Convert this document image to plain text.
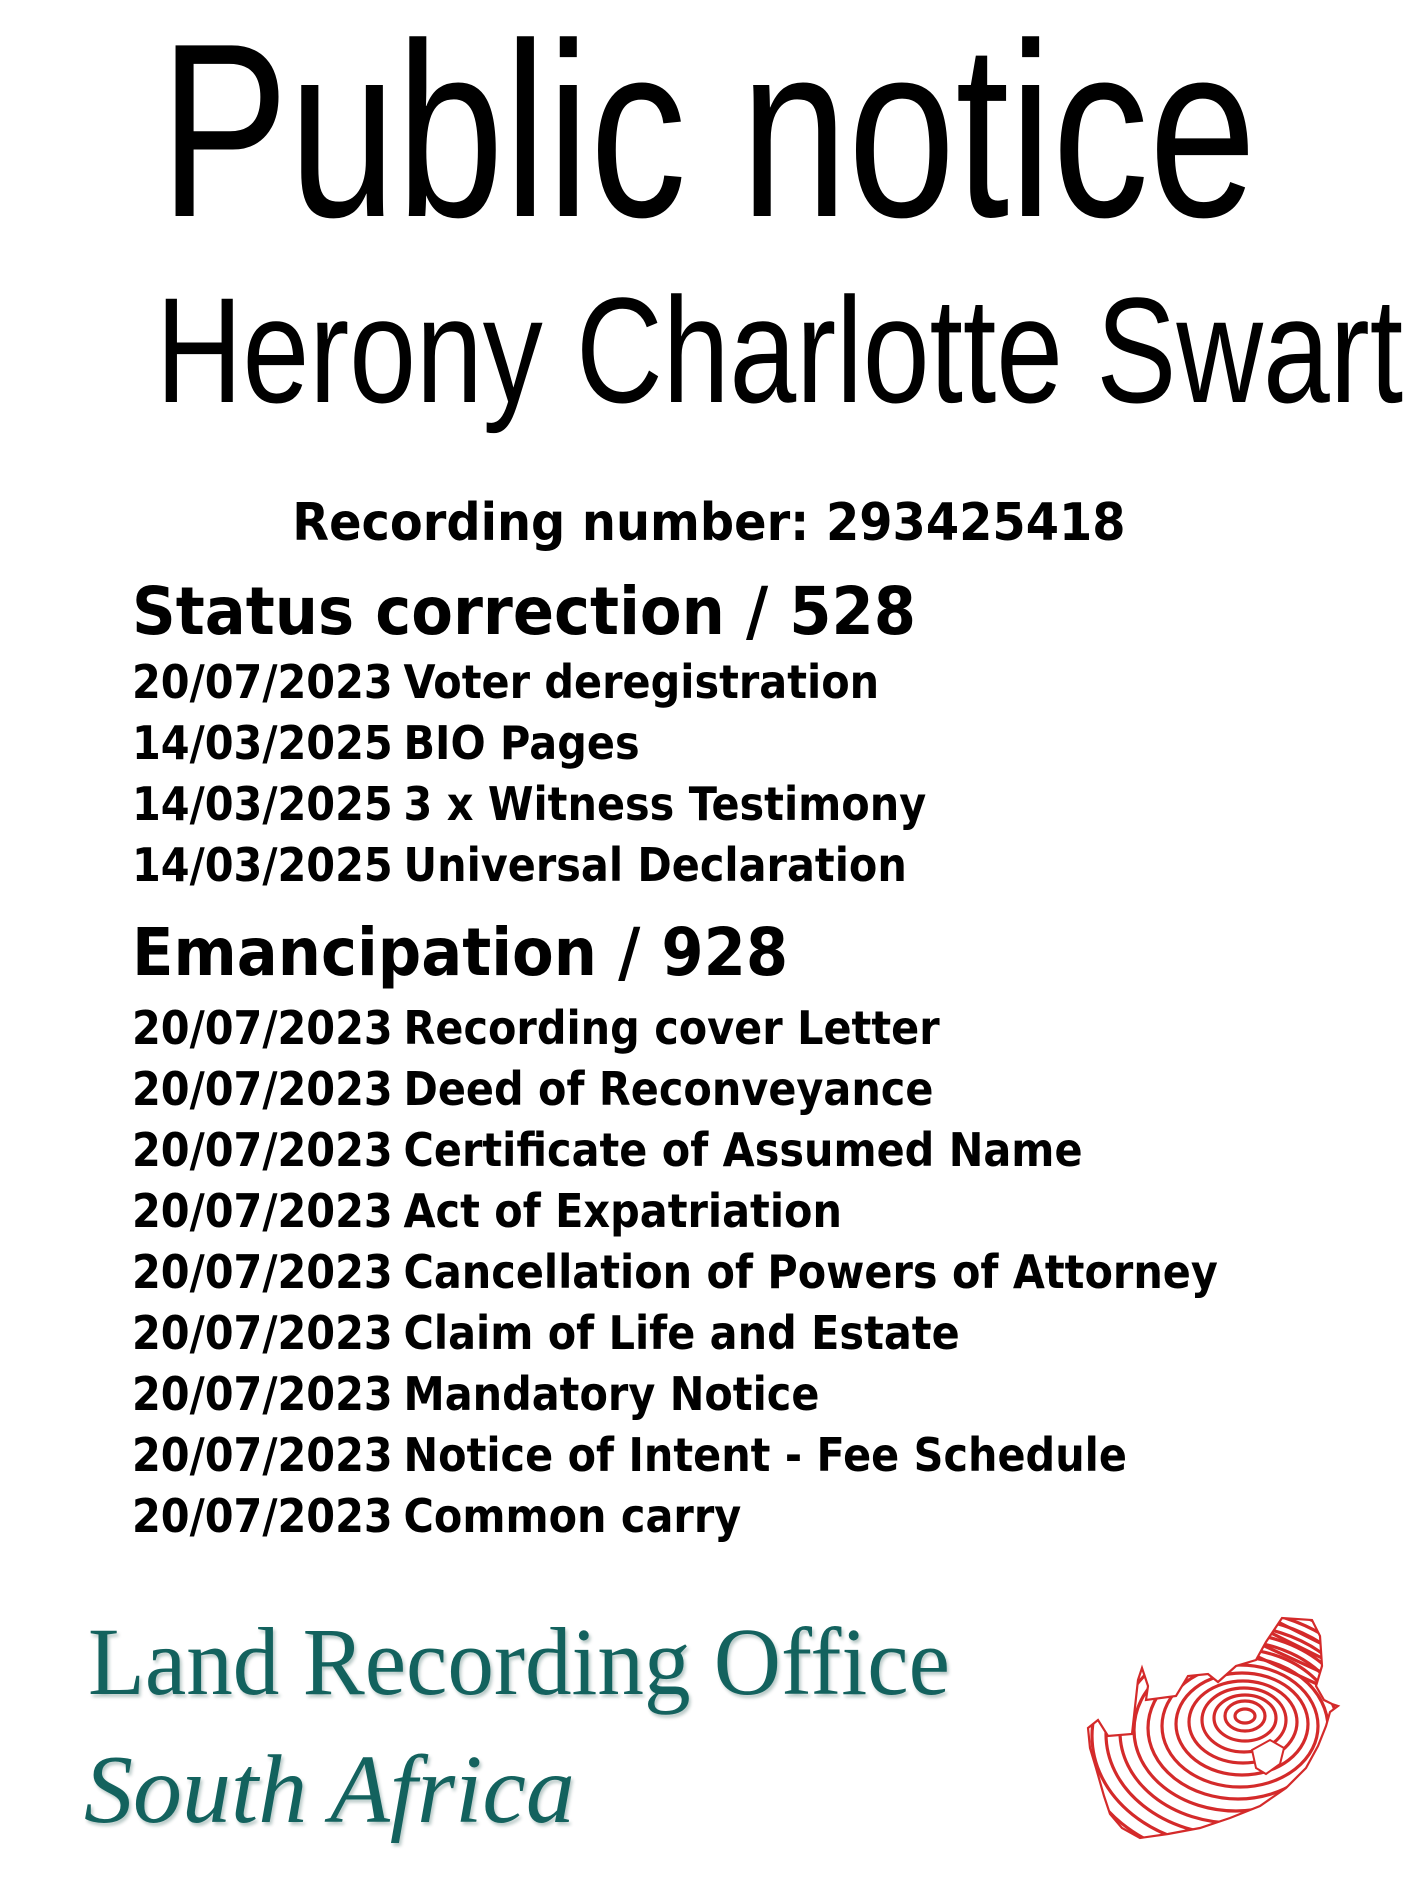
Public notice
Herony Charlotte Swart
Recording number: 293425418
Status correction / 528
20/07/2023 Voter deregistration
14/03/2025 BIO Pages
14/03/2025 3 x Witness Testimony
14/03/2025 Universal Declaration
Emancipation / 928
20/07/2023 Recording cover Letter
20/07/2023 Deed of Reconveyance
20/07/2023 Certificate of Assumed Name
20/07/2023 Act of Expatriation
20/07/2023 Cancellation of Powers of Attorney
20/07/2023 Claim of Life and Estate
20/07/2023 Mandatory Notice
20/07/2023 Notice of Intent - Fee Schedule
20/07/2023 Common carry
Land Recording Office
South Africa
